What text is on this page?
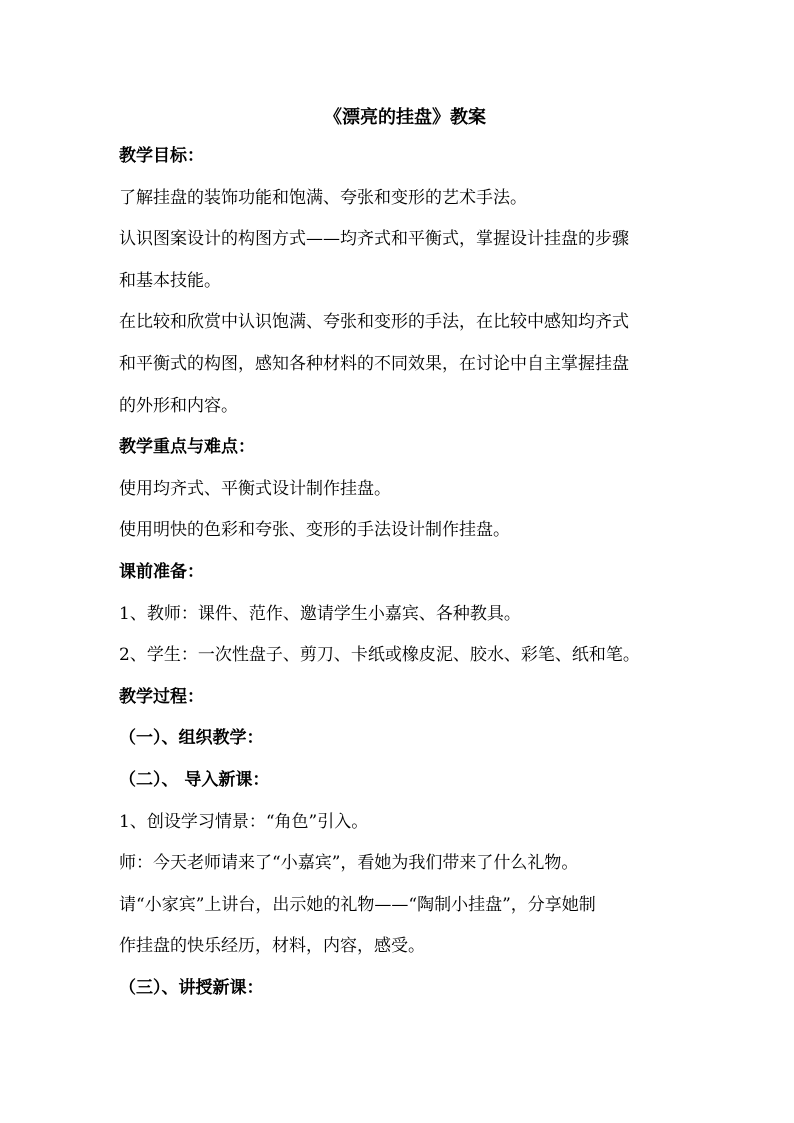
《漂亮的挂盘》教案

教学目标：

了解挂盘的装饰功能和饱满、夸张和变形的艺术手法。

认识图案设计的构图方式——均齐式和平衡式，掌握设计挂盘的步骤

和基本技能。

在比较和欣赏中认识饱满、夸张和变形的手法，在比较中感知均齐式

和平衡式的构图，感知各种材料的不同效果，在讨论中自主掌握挂盘

的外形和内容。

教学重点与难点：

使用均齐式、平衡式设计制作挂盘。

使用明快的色彩和夸张、变形的手法设计制作挂盘。

课前准备：

1、教师：课件、范作、邀请学生小嘉宾、各种教具。

2、学生：一次性盘子、剪刀、卡纸或橡皮泥、胶水、彩笔、纸和笔。

教学过程：

（一）、组织教学：

（二）、 导入新课：

1、创设学习情景：“角色”引入。

师：今天老师请来了“小嘉宾”，看她为我们带来了什么礼物。

请“小家宾”上讲台，出示她的礼物——“陶制小挂盘”，分享她制

作挂盘的快乐经历，材料，内容，感受。

（三）、讲授新课：
